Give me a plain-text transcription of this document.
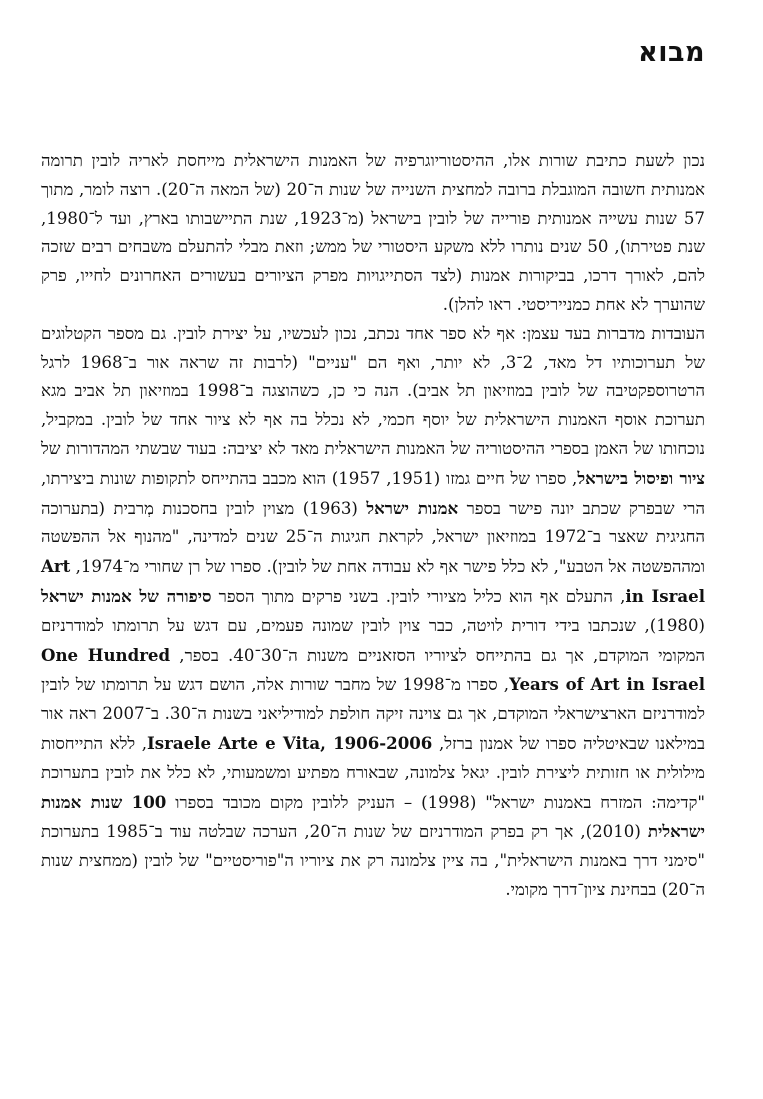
מבוא

נכון לשעת כתיבת שורות אלו, ההיסטוריוגרפיה של האמנות הישראלית מייחסת לאריה לובין תרומה אמנותית חשובה המוגבלת ברובה למחצית השנייה של שנות ה־20 (של המאה ה־20). רוצה לומר, מתוך 57 שנות עשייה אמנותית פורייה של לובין בישראל (מ־1923, שנת התיישבותו בארץ, ועד ל־1980, שנת פטירתו), 50 שנים נותרו ללא משקע היסטורי של ממש; וזאת מבלי להתעלם משבחים רבים שזכה להם, לאורך דרכו, בביקורות אמנות (לצד הסתייגויות מפרק הציורים בעשורים האחרונים לחייו, פרק שהוערך לא אחת כמנייריסטי. ראו להלן).

העובדות מדברות בעד עצמן: אף לא ספר אחד נכתב, נכון לעכשיו, על יצירת לובין. גם מספר הקטלוגים של תערוכותיו דל מאד, 2־3, לא יותר, ואף הם "עניים" (לרבות זה שראה אור ב־1968 לרגל הרטרוספקטיבה של לובין במוזיאון תל אביב). הנה כי כן, כשהוצגה ב־1998 במוזיאון תל אביב מגא תערוכת אוסף האמנות הישראלית של יוסף חכמי, לא נכלל בה אף לא ציור אחד של לובין. במקביל, נוכחותו של האמן בספרי ההיסטוריה של האמנות הישראלית מאד לא יציבה: בעוד שבשתי המהדורות של ציור ופיסול בישראל, ספרו של חיים גמזו (1951, 1957) הוא מכבב בהתייחס לתקופות שונות ביצירתו, הרי שבפרק שכתב יונה פישר בספר אמנות ישראל (1963) מצוין לובין בחסכנות מְרבית (בתערוכה החגיגית שאצר ב־1972 במוזיאון ישראל, לקראת חגיגות ה־25 שנים למדינה, "מהנוף אל ההפשטה ומההפשטה אל הטבע", לא כלל פישר אף לא עבודה אחת של לובין). ספרו של רן שחורי מ־1974, Art in Israel, התעלם אף הוא כליל מציורי לובין. בשני פרקים מתוך הספר סיפורה של אמנות ישראל (1980), שנכתבו בידי דורית לויטה, כבר צוין לובין שמונה פעמים, עם דגש על תרומתו למודרניזם המקומי המוקדם, אך גם בהתייחס לציוריו הסזאניים משנות ה־30־40. בספר, One Hundred Years of Art in Israel, ספרו מ־1998 של מחבר שורות אלה, הושם דגש על תרומתו של לובין למודרניזם הארצישראלי המוקדם, אך גם צוינה זיקה חולפת למודיליאני בשנות ה־30. ב־2007 ראה אור במילאנו שבאיטליה ספרו של אמנון ברזל, Israele Arte e Vita, 1906-2006, ללא התייחסות מילולית או חזותית ליצירת לובין. יגאל צלמונה, שבאורח מפתיע ומשמעותי, לא כלל את לובין בתערוכת "קדימה: המזרח באמנות ישראל" (1998) – העניק ללובין מקום מכובד בספרו 100 שנות אמנות ישראלית (2010), אך רק בפרק המודרניזם של שנות ה־20, הערכה שבלטה עוד ב־1985 בתערוכת "סימני דרך באמנות הישראלית", בה ציין צלמונה רק את ציוריו ה"פוריסטיים" של לובין (ממחצית שנות ה־20) בבחינת ציון־דרך מקומי.
